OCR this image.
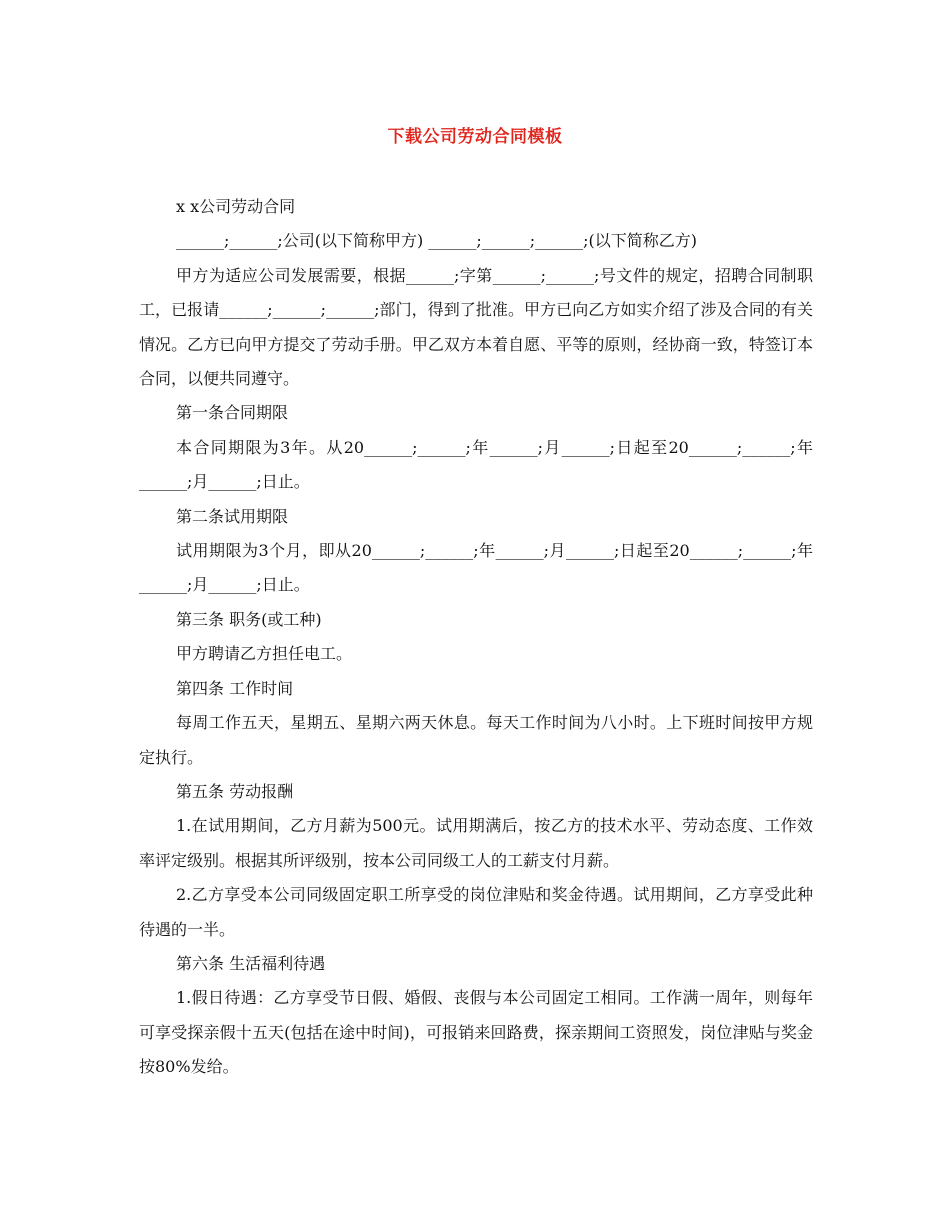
下载公司劳动合同模板

x x公司劳动合同

______;______;公司(以下简称甲方) ______;______;______;(以下简称乙方)

甲方为适应公司发展需要，根据______;字第______;______;号文件的规定，招聘合同制职工，已报请______;______;______;部门，得到了批准。甲方已向乙方如实介绍了涉及合同的有关情况。乙方已向甲方提交了劳动手册。甲乙双方本着自愿、平等的原则，经协商一致，特签订本合同，以便共同遵守。

第一条合同期限

本合同期限为3年。从20______;______;年______;月______;日起至20______;______;年______;月______;日止。

第二条试用期限

试用期限为3个月，即从20______;______;年______;月______;日起至20______;______;年______;月______;日止。

第三条 职务(或工种)

甲方聘请乙方担任电工。

第四条 工作时间

每周工作五天，星期五、星期六两天休息。每天工作时间为八小时。上下班时间按甲方规定执行。

第五条 劳动报酬

1.在试用期间，乙方月薪为500元。试用期满后，按乙方的技术水平、劳动态度、工作效率评定级别。根据其所评级别，按本公司同级工人的工薪支付月薪。

2.乙方享受本公司同级固定职工所享受的岗位津贴和奖金待遇。试用期间，乙方享受此种待遇的一半。

第六条 生活福利待遇

1.假日待遇：乙方享受节日假、婚假、丧假与本公司固定工相同。工作满一周年，则每年可享受探亲假十五天(包括在途中时间)，可报销来回路费，探亲期间工资照发，岗位津贴与奖金按80%发给。
